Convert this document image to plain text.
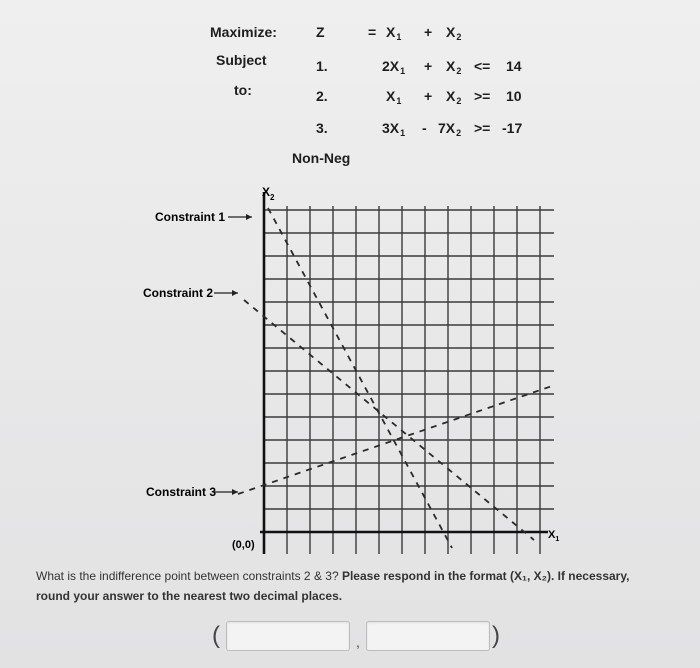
Maximize:	Z	= $X_1 + X_2$
Subject	1.	$2X_1 + X_2 <= 14$
to:	2.	$X_1 + X_2 >= 10$
3.	$3X_1 - 7X_2 >= -17$
Non-Neg
$X_2$
$X_1$
(0,0)
Constraint 1
Constraint 2
Constraint 3
What is the indifference point between constraints 2 & 3? Please respond in the format (X₁, X₂). If necessary, round your answer to the nearest two decimal places.
(	,	)
